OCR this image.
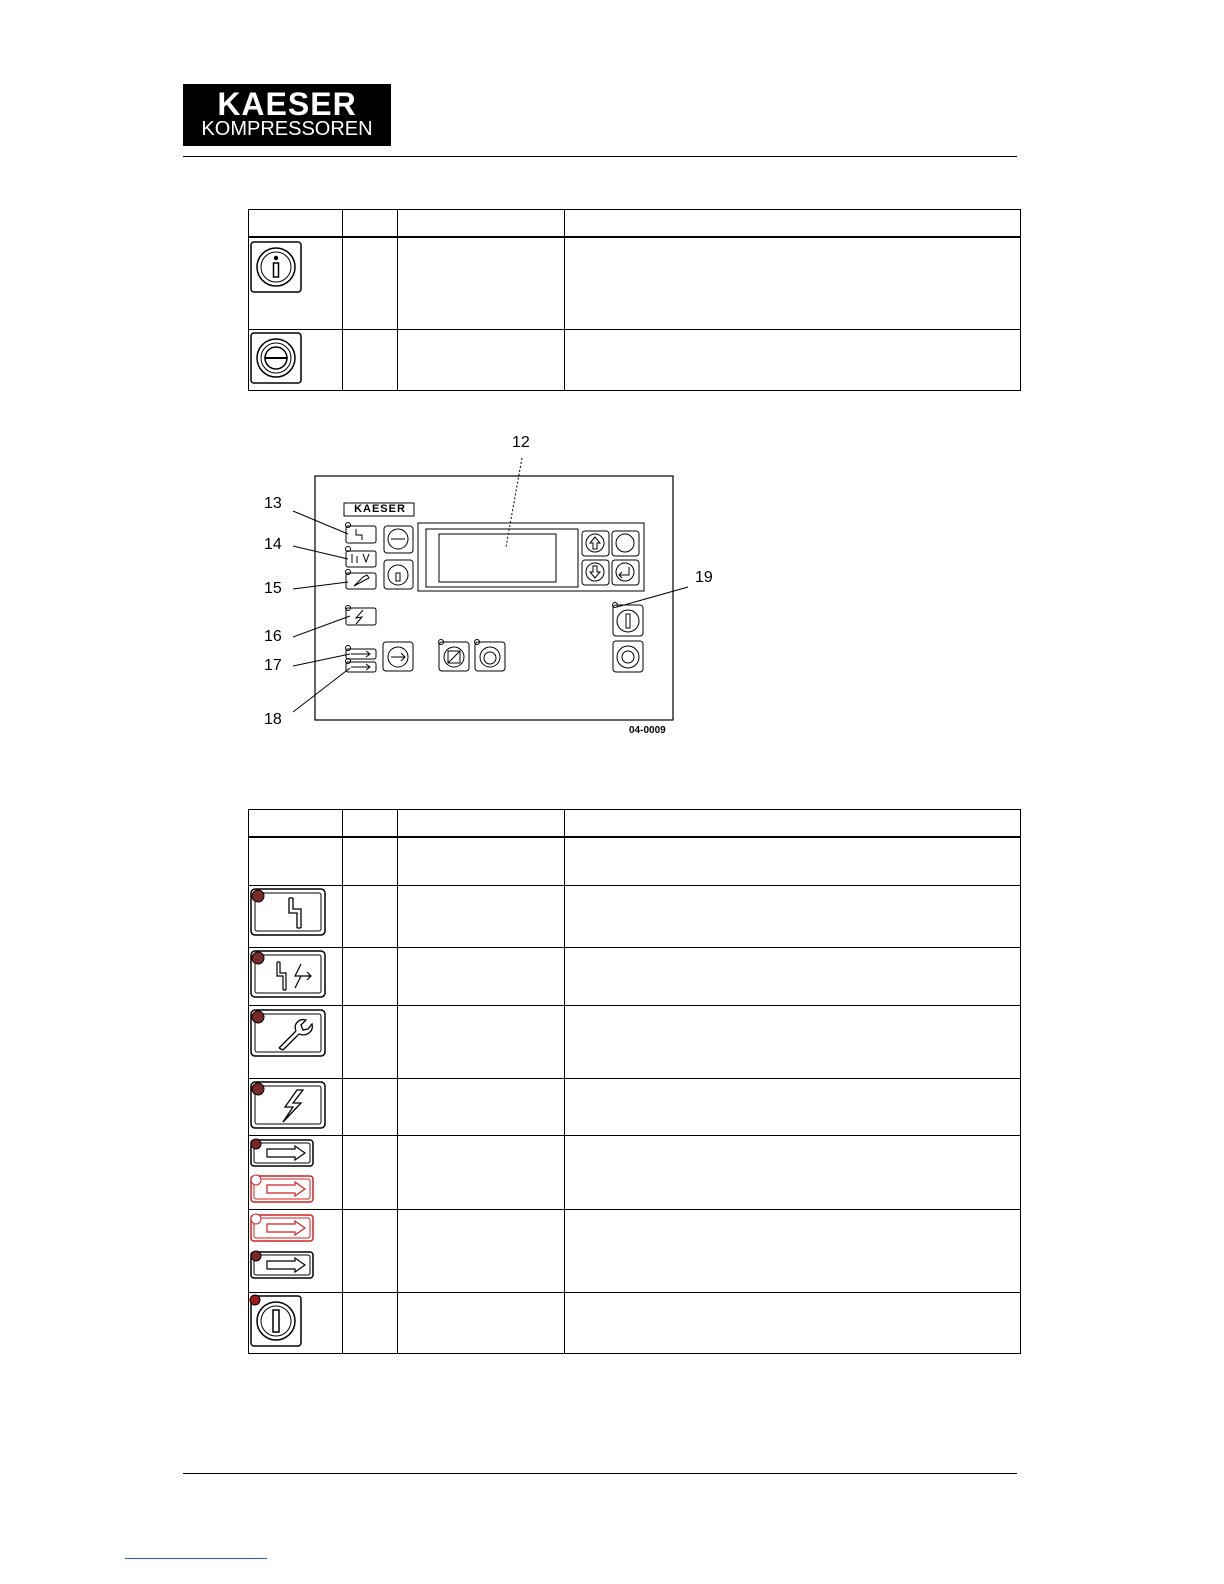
KAESER
KOMPRESSOREN

KAESER
12
13
14
15
16
17
18
19
04-0009
